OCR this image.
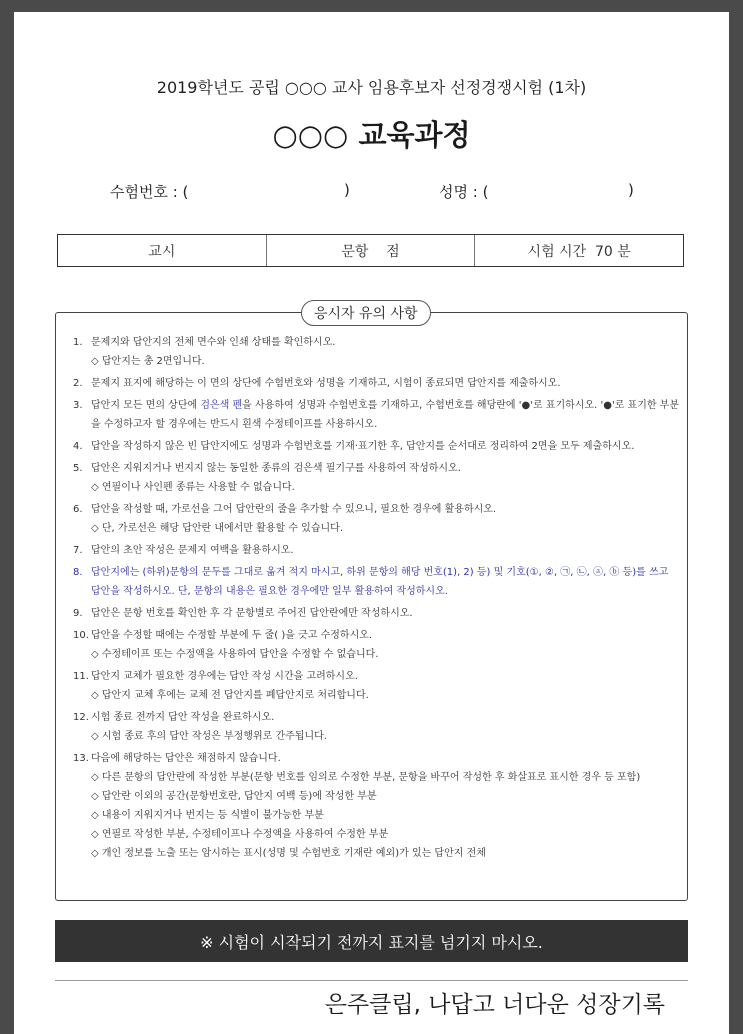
2019학년도 공립 ○○○ 교사 임용후보자 선정경쟁시험 (1차)
○○○ 교육과정
수험번호 : (	)	성명 : (	)
교시	문항    점	시험 시간  70 분
응시자 유의 사항
1. 문제지와 답안지의 전체 면수와 인쇄 상태를 확인하시오.
◇ 답안지는 총 2면입니다.
2. 문제지 표지에 해당하는 이 면의 상단에 수험번호와 성명을 기재하고, 시험이 종료되면 답안지를 제출하시오.
3. 답안지 모든 면의 상단에 검은색 펜을 사용하여 성명과 수험번호를 기재하고, 수험번호를 해당란에 '●'로 표기하시오. '●'로 표기한 부분을 수정하고자 할 경우에는 반드시 흰색 수정테이프를 사용하시오.
4. 답안을 작성하지 않은 빈 답안지에도 성명과 수험번호를 기재·표기한 후, 답안지를 순서대로 정리하여 2면을 모두 제출하시오.
5. 답안은 지워지거나 번지지 않는 동일한 종류의 검은색 필기구를 사용하여 작성하시오.
◇ 연필이나 사인펜 종류는 사용할 수 없습니다.
6. 답안을 작성할 때, 가로선을 그어 답안란의 줄을 추가할 수 있으니, 필요한 경우에 활용하시오.
◇ 단, 가로선은 해당 답안란 내에서만 활용할 수 있습니다.
7. 답안의 초안 작성은 문제지 여백을 활용하시오.
8. 답안지에는 (하위)문항의 문두를 그대로 옮겨 적지 마시고, 하위 문항의 해당 번호(1), 2) 등) 및 기호(①, ②, ㉠, ㉡, ⓐ, ⓑ 등)를 쓰고 답안을 작성하시오. 단, 문항의 내용은 필요한 경우에만 일부 활용하여 작성하시오.
9. 답안은 문항 번호를 확인한 후 각 문항별로 주어진 답안란에만 작성하시오.
10. 답안을 수정할 때에는 수정할 부분에 두 줄( )을 긋고 수정하시오.
◇ 수정테이프 또는 수정액을 사용하여 답안을 수정할 수 없습니다.
11. 답안지 교체가 필요한 경우에는 답안 작성 시간을 고려하시오.
◇ 답안지 교체 후에는 교체 전 답안지를 폐답안지로 처리합니다.
12. 시험 종료 전까지 답안 작성을 완료하시오.
◇ 시험 종료 후의 답안 작성은 부정행위로 간주됩니다.
13. 다음에 해당하는 답안은 채점하지 않습니다.
◇ 다른 문항의 답안란에 작성한 부분(문항 번호를 임의로 수정한 부분, 문항을 바꾸어 작성한 후 화살표로 표시한 경우 등 포함)
◇ 답안란 이외의 공간(문항번호란, 답안지 여백 등)에 작성한 부분
◇ 내용이 지워지거나 번지는 등 식별이 불가능한 부분
◇ 연필로 작성한 부분, 수정테이프나 수정액을 사용하여 수정한 부분
◇ 개인 정보를 노출 또는 암시하는 표시(성명 및 수험번호 기재란 예외)가 있는 답안지 전체
※ 시험이 시작되기 전까지 표지를 넘기지 마시오.
은주클립, 나답고 너다운 성장기록
